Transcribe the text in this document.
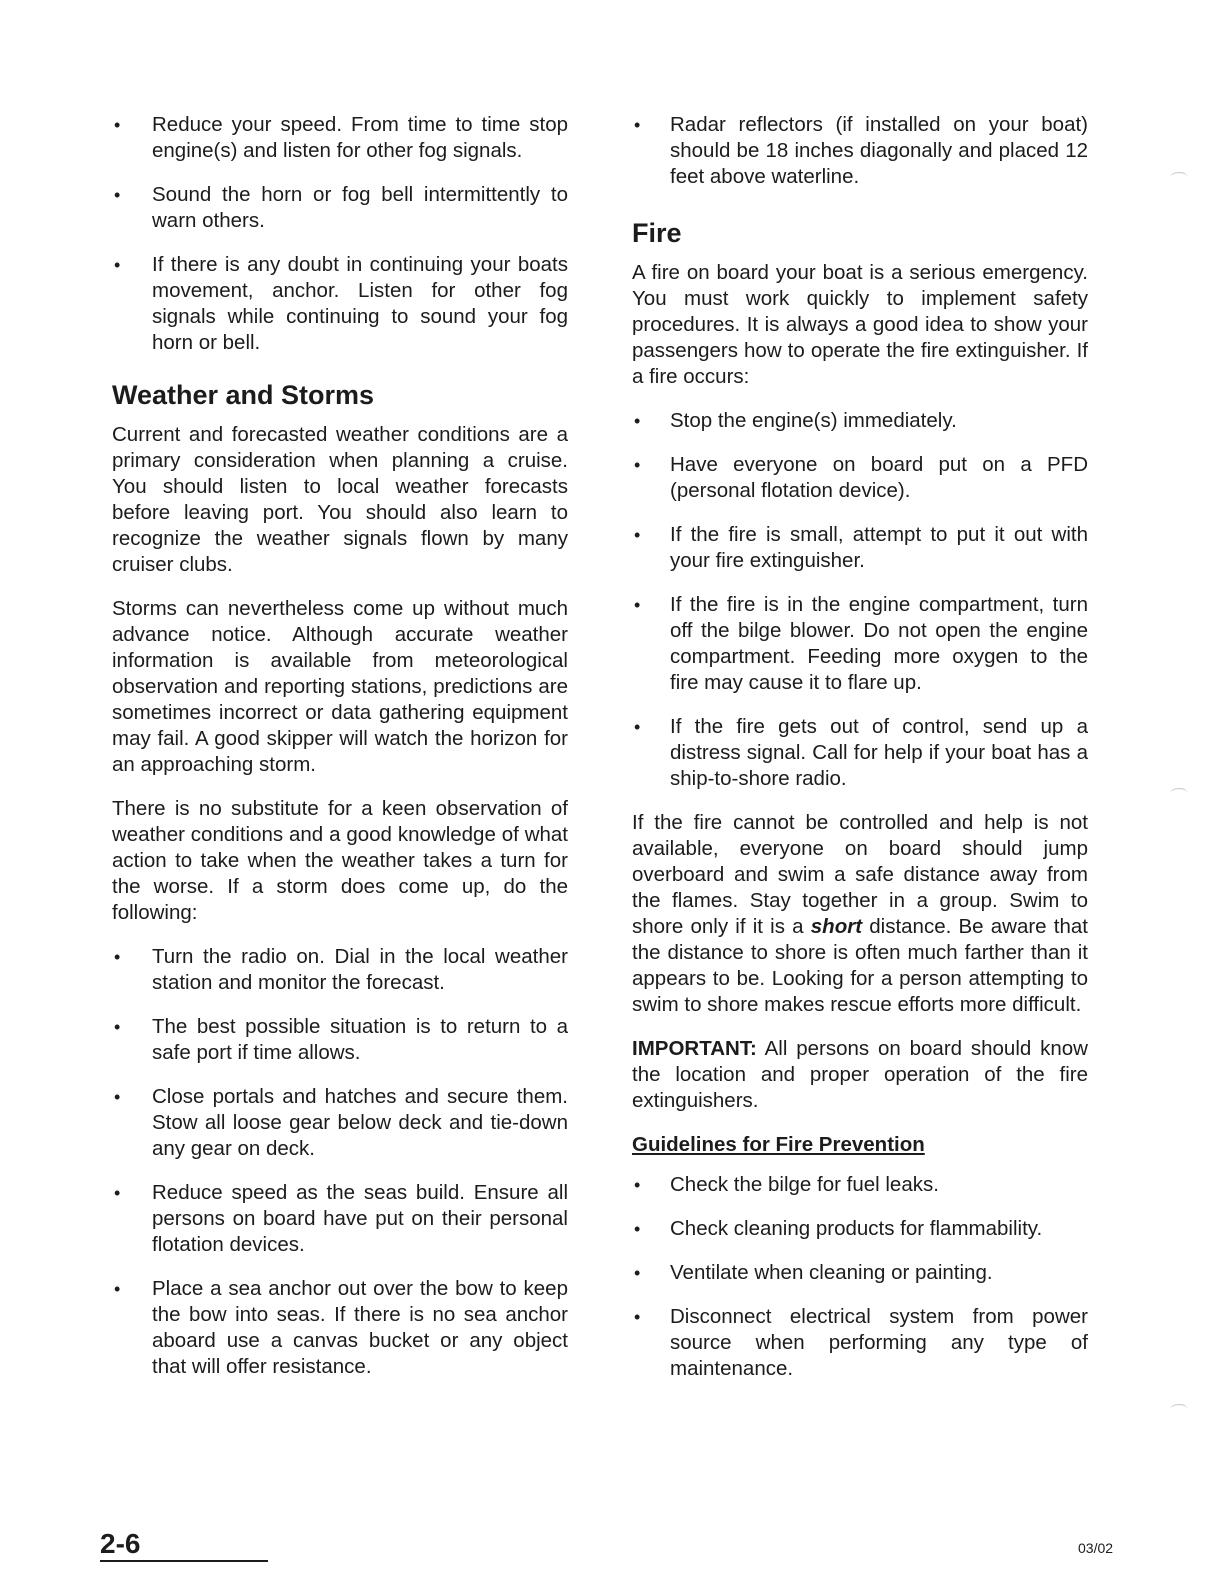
• Reduce your speed. From time to time stop engine(s) and listen for other fog signals.
• Sound the horn or fog bell intermittently to warn others.
• If there is any doubt in continuing your boats movement, anchor. Listen for other fog signals while continuing to sound your fog horn or bell.
Weather and Storms

Current and forecasted weather conditions are a primary consideration when planning a cruise. You should listen to local weather forecasts before leaving port. You should also learn to recognize the weather signals flown by many cruiser clubs.

Storms can nevertheless come up without much advance notice. Although accurate weather information is available from meteorological observation and reporting stations, predictions are sometimes incorrect or data gathering equipment may fail. A good skipper will watch the horizon for an approaching storm.

There is no substitute for a keen observation of weather conditions and a good knowledge of what action to take when the weather takes a turn for the worse. If a storm does come up, do the following:

• Turn the radio on. Dial in the local weather station and monitor the forecast.
• The best possible situation is to return to a safe port if time allows.
• Close portals and hatches and secure them. Stow all loose gear below deck and tie-down any gear on deck.
• Reduce speed as the seas build. Ensure all persons on board have put on their personal flotation devices.
• Place a sea anchor out over the bow to keep the bow into seas. If there is no sea anchor aboard use a canvas bucket or any object that will offer resistance.
• Radar reflectors (if installed on your boat) should be 18 inches diagonally and placed 12 feet above waterline.
Fire

A fire on board your boat is a serious emergency. You must work quickly to implement safety procedures. It is always a good idea to show your passengers how to operate the fire extinguisher. If a fire occurs:

• Stop the engine(s) immediately.
• Have everyone on board put on a PFD (personal flotation device).
• If the fire is small, attempt to put it out with your fire extinguisher.
• If the fire is in the engine compartment, turn off the bilge blower. Do not open the engine compartment. Feeding more oxygen to the fire may cause it to flare up.
• If the fire gets out of control, send up a distress signal. Call for help if your boat has a ship-to-shore radio.

If the fire cannot be controlled and help is not available, everyone on board should jump overboard and swim a safe distance away from the flames. Stay together in a group. Swim to shore only if it is a short distance. Be aware that the distance to shore is often much farther than it appears to be. Looking for a person attempting to swim to shore makes rescue efforts more difficult.

IMPORTANT: All persons on board should know the location and proper operation of the fire extinguishers.

Guidelines for Fire Prevention
• Check the bilge for fuel leaks.
• Check cleaning products for flammability.
• Ventilate when cleaning or painting.
• Disconnect electrical system from power source when performing any type of maintenance.
2-6	03/02
